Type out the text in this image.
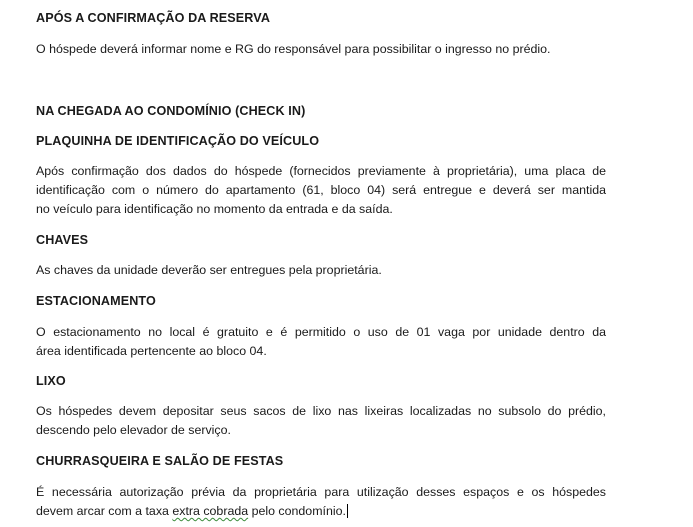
APÓS A CONFIRMAÇÃO DA RESERVA
O hóspede deverá informar nome e RG do responsável para possibilitar o ingresso no prédio.
NA CHEGADA AO CONDOMÍNIO (CHECK IN)
PLAQUINHA DE IDENTIFICAÇÃO DO VEÍCULO
Após confirmação dos dados do hóspede (fornecidos previamente à proprietária), uma placa de
identificação com o número do apartamento (61, bloco 04) será entregue e deverá ser mantida
no veículo para identificação no momento da entrada e da saída.
CHAVES
As chaves da unidade deverão ser entregues pela proprietária.
ESTACIONAMENTO
O estacionamento no local é gratuito e é permitido o uso de 01 vaga por unidade dentro da
área identificada pertencente ao bloco 04.
LIXO
Os hóspedes devem depositar seus sacos de lixo nas lixeiras localizadas no subsolo do prédio,
descendo pelo elevador de serviço.
CHURRASQUEIRA E SALÃO DE FESTAS
É necessária autorização prévia da proprietária para utilização desses espaços e os hóspedes
devem arcar com a taxa extra cobrada pelo condomínio.
